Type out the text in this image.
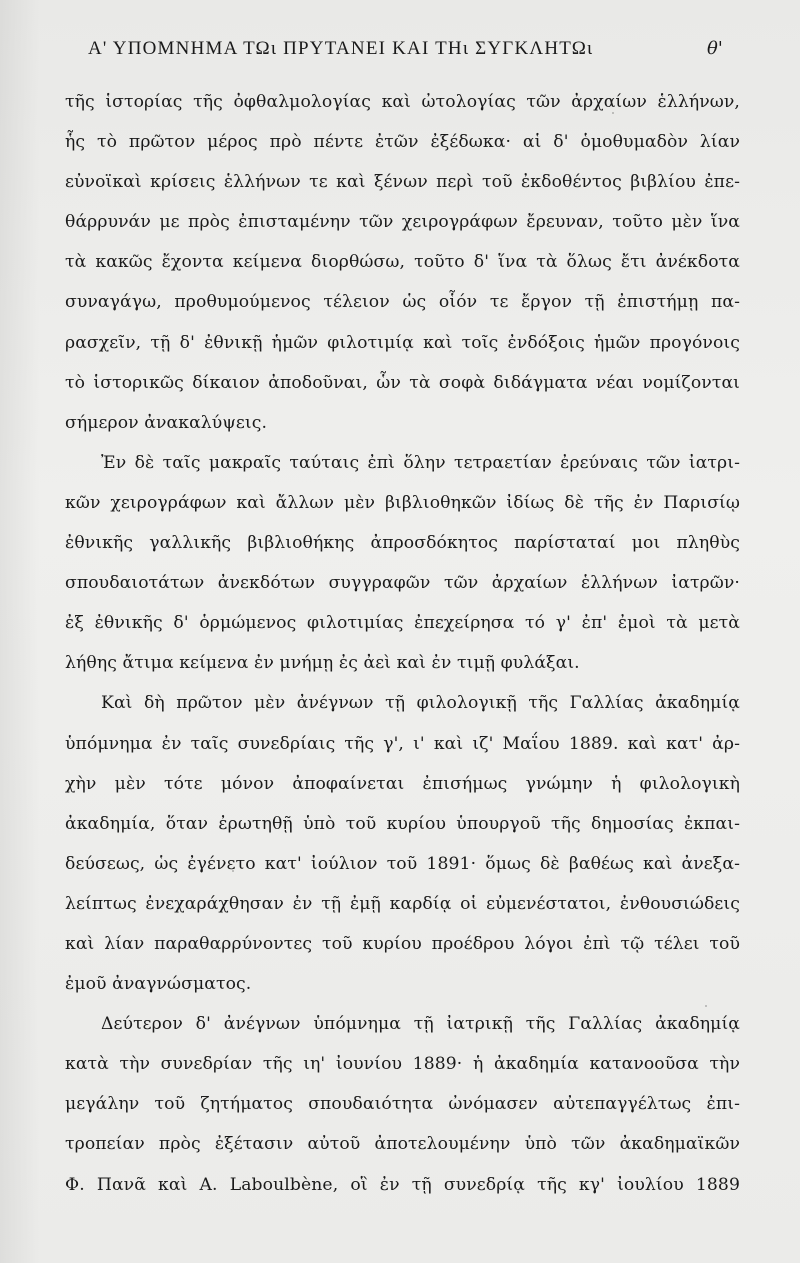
Α' ΥΠΟΜΝΗΜΑ ΤΩι ΠΡΥΤΑΝΕΙ ΚΑΙ ΤΗι ΣΥΓΚΛΗΤΩι	θ'
τῆς ἱστορίας τῆς ὀφθαλμολογίας καὶ ὠτολογίας τῶν ἀρχαίων ἑλλήνων,
ἧς τὸ πρῶτον μέρος πρὸ πέντε ἐτῶν ἐξέδωκα· αἱ δ' ὁμοθυμαδὸν λίαν
εὐνοϊκαὶ κρίσεις ἑλλήνων τε καὶ ξένων περὶ τοῦ ἐκδοθέντος βιβλίου ἐπε-
θάρρυνάν με πρὸς ἐπισταμένην τῶν χειρογράφων ἔρευναν, τοῦτο μὲν ἵνα
τὰ κακῶς ἔχοντα κείμενα διορθώσω, τοῦτο δ' ἵνα τὰ ὅλως ἔτι ἀνέκδοτα
συναγάγω, προθυμούμενος τέλειον ὡς οἷόν τε ἔργον τῇ ἐπιστήμῃ πα-
ρασχεῖν, τῇ δ' ἐθνικῇ ἡμῶν φιλοτιμίᾳ καὶ τοῖς ἐνδόξοις ἡμῶν προγόνοις
τὸ ἱστορικῶς δίκαιον ἀποδοῦναι, ὧν τὰ σοφὰ διδάγματα νέαι νομίζονται
σήμερον ἀνακαλύψεις.
Ἐν δὲ ταῖς μακραῖς ταύταις ἐπὶ ὅλην τετραετίαν ἐρεύναις τῶν ἰατρι-
κῶν χειρογράφων καὶ ἄλλων μὲν βιβλιοθηκῶν ἰδίως δὲ τῆς ἐν Παρισίῳ
ἐθνικῆς γαλλικῆς βιβλιοθήκης ἀπροσδόκητος παρίσταταί μοι πληθὺς
σπουδαιοτάτων ἀνεκδότων συγγραφῶν τῶν ἀρχαίων ἑλλήνων ἰατρῶν·
ἐξ ἐθνικῆς δ' ὁρμώμενος φιλοτιμίας ἐπεχείρησα τό γ' ἐπ' ἐμοὶ τὰ μετὰ
λήθης ἄτιμα κείμενα ἐν μνήμῃ ἐς ἀεὶ καὶ ἐν τιμῇ φυλάξαι.
Καὶ δὴ πρῶτον μὲν ἀνέγνων τῇ φιλολογικῇ τῆς Γαλλίας ἀκαδημίᾳ
ὑπόμνημα ἐν ταῖς συνεδρίαις τῆς γ', ι' καὶ ιζ' Μαΐου 1889. καὶ κατ' ἀρ-
χὴν μὲν τότε μόνον ἀποφαίνεται ἐπισήμως γνώμην ἡ φιλολογικὴ
ἀκαδημία, ὅταν ἐρωτηθῇ ὑπὸ τοῦ κυρίου ὑπουργοῦ τῆς δημοσίας ἐκπαι-
δεύσεως, ὡς ἐγένετο κατ' ἰούλιον τοῦ 1891· ὅμως δὲ βαθέως καὶ ἀνεξα-
λείπτως ἐνεχαράχθησαν ἐν τῇ ἐμῇ καρδίᾳ οἱ εὐμενέστατοι, ἐνθουσιώδεις
καὶ λίαν παραθαρρύνοντες τοῦ κυρίου προέδρου λόγοι ἐπὶ τῷ τέλει τοῦ
ἐμοῦ ἀναγνώσματος.
Δεύτερον δ' ἀνέγνων ὑπόμνημα τῇ ἰατρικῇ τῆς Γαλλίας ἀκαδημίᾳ
κατὰ τὴν συνεδρίαν τῆς ιη' ἰουνίου 1889· ἡ ἀκαδημία κατανοοῦσα τὴν
μεγάλην τοῦ ζητήματος σπουδαιότητα ὠνόμασεν αὐτεπαγγέλτως ἐπι-
τροπείαν πρὸς ἐξέτασιν αὐτοῦ ἀποτελουμένην ὑπὸ τῶν ἀκαδημαϊκῶν
Φ. Πανᾶ καὶ A. Laboulbène, οἳ ἐν τῇ συνεδρίᾳ τῆς κγ' ἰουλίου 1889
